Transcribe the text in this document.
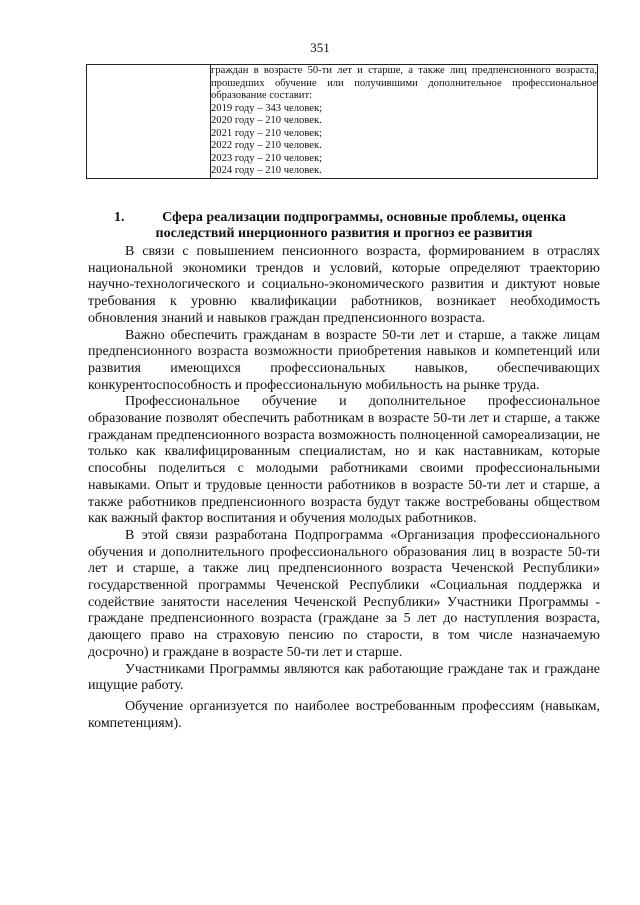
351

граждан в возрасте 50-ти лет и старше, а также лиц предпенсионного возраста, прошедших обучение или получившими дополнительное профессиональное образование составит:
2019 году – 343 человек;
2020 году – 210 человек.
2021 году – 210 человек;
2022 году – 210 человек.
2023 году – 210 человек;
2024 году – 210 человек.
1.	Сфера реализации подпрограммы, основные проблемы, оценка
последствий инерционного развития и прогноз ее развития

В связи с повышением пенсионного возраста, формированием в отраслях национальной экономики трендов и условий, которые определяют траекторию научно-технологического и социально-экономического развития и диктуют новые требования к уровню квалификации работников, возникает необходимость обновления знаний и навыков граждан предпенсионного возраста.

Важно обеспечить гражданам в возрасте 50-ти лет и старше, а также лицам предпенсионного возраста возможности приобретения навыков и компетенций или развития имеющихся профессиональных навыков, обеспечивающих конкурентоспособность и профессиональную мобильность на рынке труда.

Профессиональное обучение и дополнительное профессиональное образование позволят обеспечить работникам в возрасте 50-ти лет и старше, а также гражданам предпенсионного возраста возможность полноценной самореализации, не только как квалифицированным специалистам, но и как наставникам, которые способны поделиться с молодыми работниками своими профессиональными навыками. Опыт и трудовые ценности работников в возрасте 50-ти лет и старше, а также работников предпенсионного возраста будут также востребованы обществом как важный фактор воспитания и обучения молодых работников.

В этой связи разработана Подпрограмма «Организация профессионального обучения и дополнительного профессионального образования лиц в возрасте 50-ти лет и старше, а также лиц предпенсионного возраста Чеченской Республики» государственной программы Чеченской Республики «Социальная поддержка и содействие занятости населения Чеченской Республики» Участники Программы - граждане предпенсионного возраста (граждане за 5 лет до наступления возраста, дающего право на страховую пенсию по старости, в том числе назначаемую досрочно) и граждане в возрасте 50-ти лет и старше.

Участниками Программы являются как работающие граждане так и граждане ищущие работу.

Обучение организуется по наиболее востребованным профессиям (навыкам, компетенциям).
